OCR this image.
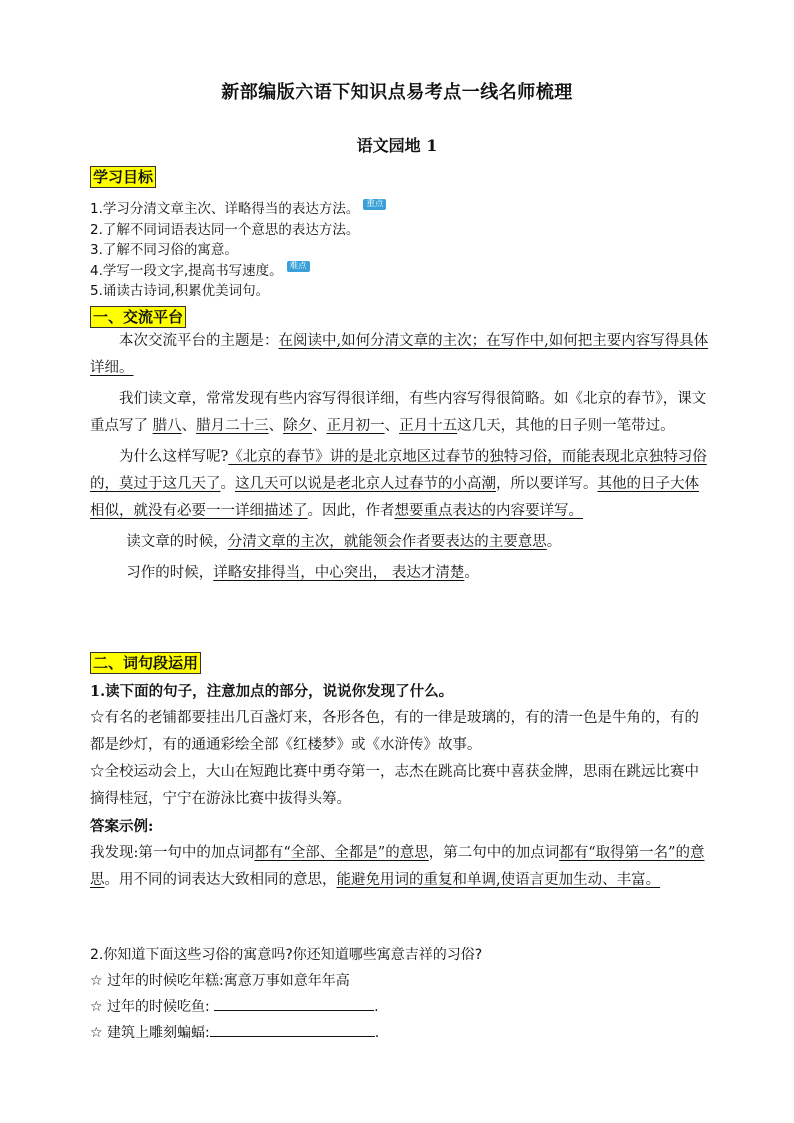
新部编版六语下知识点易考点一线名师梳理
语文园地 1
学习目标

1.学习分清文章主次、详略得当的表达方法。 重点

2.了解不同词语表达同一个意思的表达方法。

3.了解不同习俗的寓意。

4.学写一段文字,提高书写速度。 难点

5.诵读古诗词,积累优美词句。

一、交流平台

本次交流平台的主题是：在阅读中,如何分清文章的主次；在写作中,如何把主要内容写得具体详细。

我们读文章，常常发现有些内容写得很详细，有些内容写得很简略。如《北京的春节》，课文重点写了 腊八、腊月二十三、除夕、正月初一、正月十五这几天，其他的日子则一笔带过。

为什么这样写呢?《北京的春节》讲的是北京地区过春节的独特习俗，而能表现北京独特习俗的，莫过于这几天了。这几天可以说是老北京人过春节的小高潮，所以要详写。其他的日子大体相似，就没有必要一一详细描述了。因此，作者想要重点表达的内容要详写。

读文章的时候，分清文章的主次，就能领会作者要表达的主要意思。

习作的时候，详略安排得当，中心突出， 表达才清楚。

二、词句段运用

1.读下面的句子，注意加点的部分，说说你发现了什么。

☆有名的老铺都要挂出几百盏灯来，各形各色，有的一律是玻璃的，有的清一色是牛角的，有的都是纱灯，有的通通彩绘全部《红楼梦》或《水浒传》故事。

☆全校运动会上，大山在短跑比赛中勇夺第一，志杰在跳高比赛中喜获金牌，思雨在跳远比赛中摘得桂冠，宁宁在游泳比赛中拔得头筹。

答案示例:

我发现:第一句中的加点词都有“全部、全都是”的意思，第二句中的加点词都有“取得第一名”的意思。用不同的词表达大致相同的意思，能避免用词的重复和单调,使语言更加生动、丰富。

2.你知道下面这些习俗的寓意吗?你还知道哪些寓意吉祥的习俗?

☆ 过年的时候吃年糕:寓意万事如意年年高

☆ 过年的时候吃鱼:	.

☆ 建筑上雕刻蝙蝠:	.
